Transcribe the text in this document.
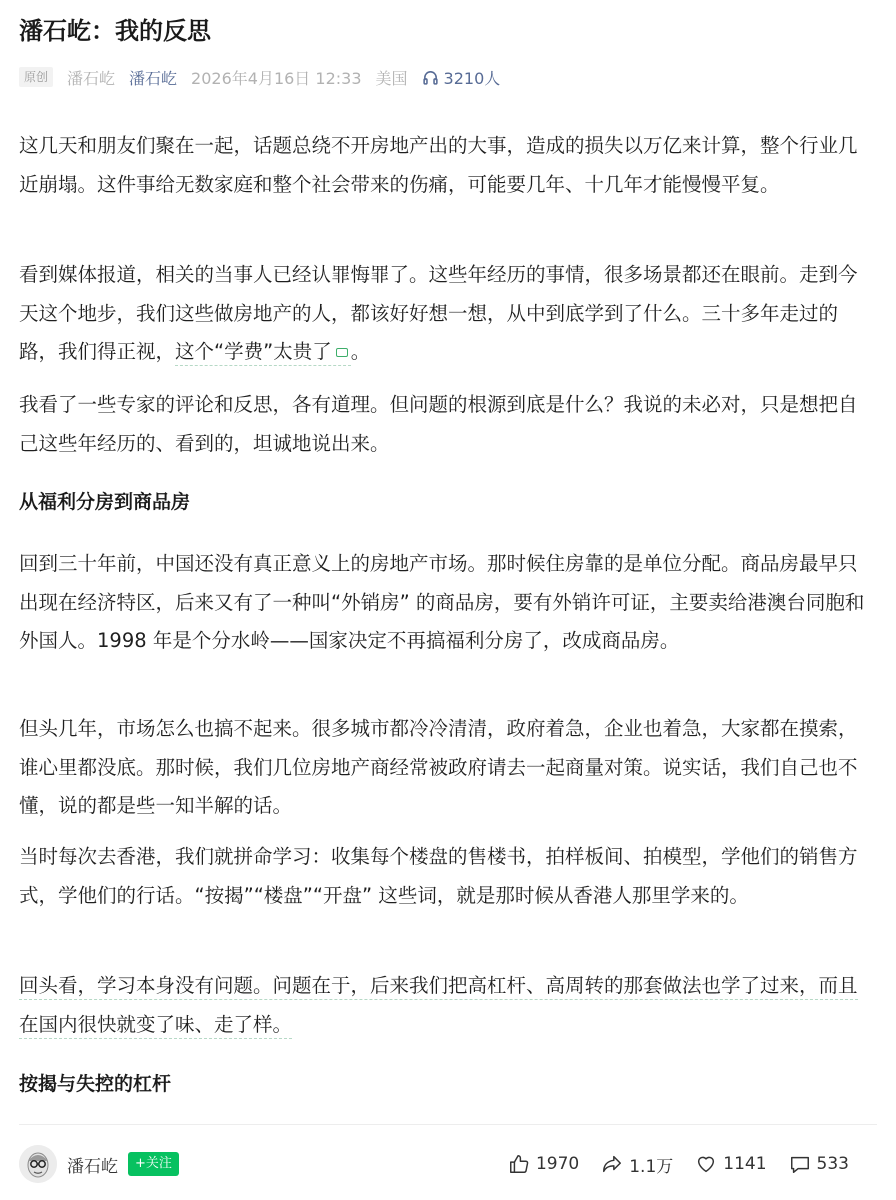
潘石屹：我的反思
原创	潘石屹 潘石屹 2026年4月16日 12:33 美国 3210人

这几天和朋友们聚在一起，话题总绕不开房地产出的大事，造成的损失以万亿来计算，整个行业几近崩塌。这件事给无数家庭和整个社会带来的伤痛，可能要几年、十几年才能慢慢平复。

看到媒体报道，相关的当事人已经认罪悔罪了。这些年经历的事情，很多场景都还在眼前。走到今天这个地步，我们这些做房地产的人，都该好好想一想，从中到底学到了什么。三十多年走过的路，我们得正视，这个“学费”太贵了 。

我看了一些专家的评论和反思，各有道理。但问题的根源到底是什么？我说的未必对，只是想把自己这些年经历的、看到的，坦诚地说出来。

从福利分房到商品房

回到三十年前，中国还没有真正意义上的房地产市场。那时候住房靠的是单位分配。商品房最早只出现在经济特区，后来又有了一种叫“外销房” 的商品房，要有外销许可证，主要卖给港澳台同胞和外国人。1998 年是个分水岭——国家决定不再搞福利分房了，改成商品房。

但头几年，市场怎么也搞不起来。很多城市都冷冷清清，政府着急，企业也着急，大家都在摸索，谁心里都没底。那时候，我们几位房地产商经常被政府请去一起商量对策。说实话，我们自己也不懂，说的都是些一知半解的话。

当时每次去香港，我们就拼命学习：收集每个楼盘的售楼书，拍样板间、拍模型，学他们的销售方式，学他们的行话。“按揭”“楼盘”“开盘” 这些词，就是那时候从香港人那里学来的。

回头看，学习本身没有问题。问题在于，后来我们把高杠杆、高周转的那套做法也学了过来，而且在国内很快就变了味、走了样。

按揭与失控的杠杆
潘石屹	+关注	1970	1.1万	1141	533
